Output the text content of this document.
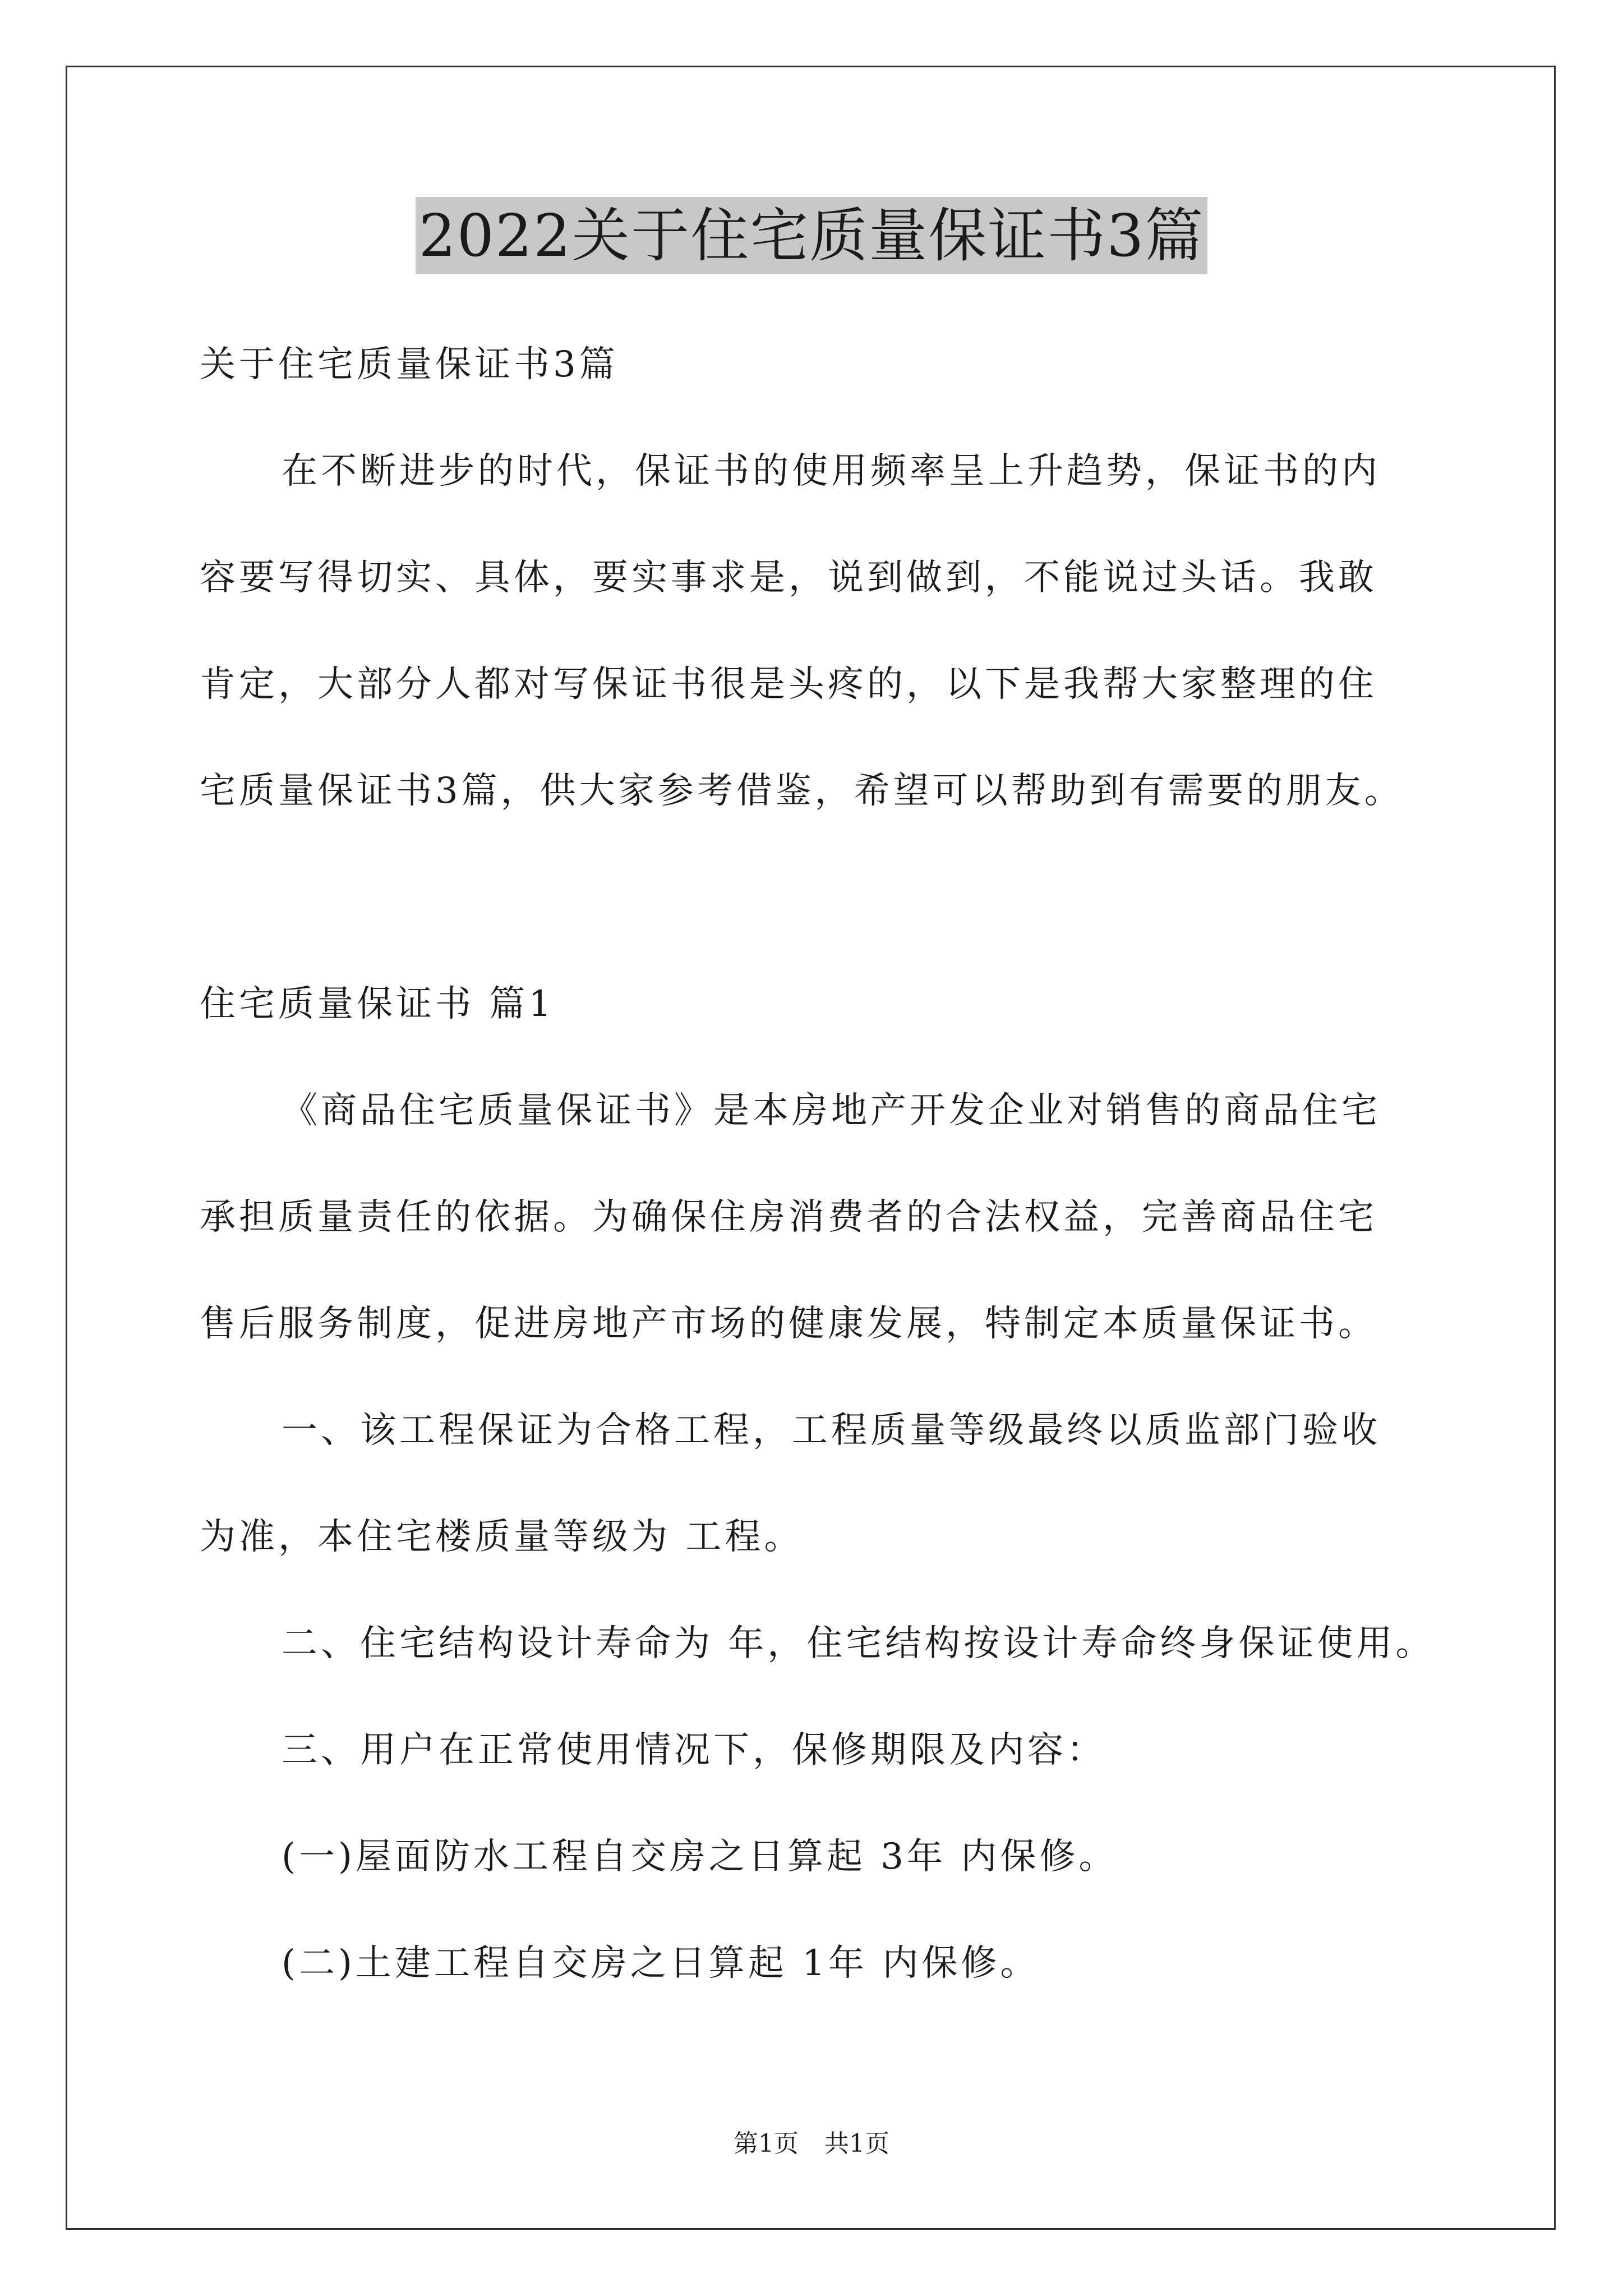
2022关于住宅质量保证书3篇
关于住宅质量保证书3篇
在不断进步的时代，保证书的使用频率呈上升趋势，保证书的内
容要写得切实、具体，要实事求是，说到做到，不能说过头话。我敢
肯定，大部分人都对写保证书很是头疼的，以下是我帮大家整理的住
宅质量保证书3篇，供大家参考借鉴，希望可以帮助到有需要的朋友。
住宅质量保证书 篇1
《商品住宅质量保证书》是本房地产开发企业对销售的商品住宅
承担质量责任的依据。为确保住房消费者的合法权益，完善商品住宅
售后服务制度，促进房地产市场的健康发展，特制定本质量保证书。
一、该工程保证为合格工程，工程质量等级最终以质监部门验收
为准，本住宅楼质量等级为 工程。
二、住宅结构设计寿命为 年，住宅结构按设计寿命终身保证使用。
三、用户在正常使用情况下，保修期限及内容：
(一)屋面防水工程自交房之日算起 3年 内保修。
(二)土建工程自交房之日算起 1年 内保修。
第1页 共1页
